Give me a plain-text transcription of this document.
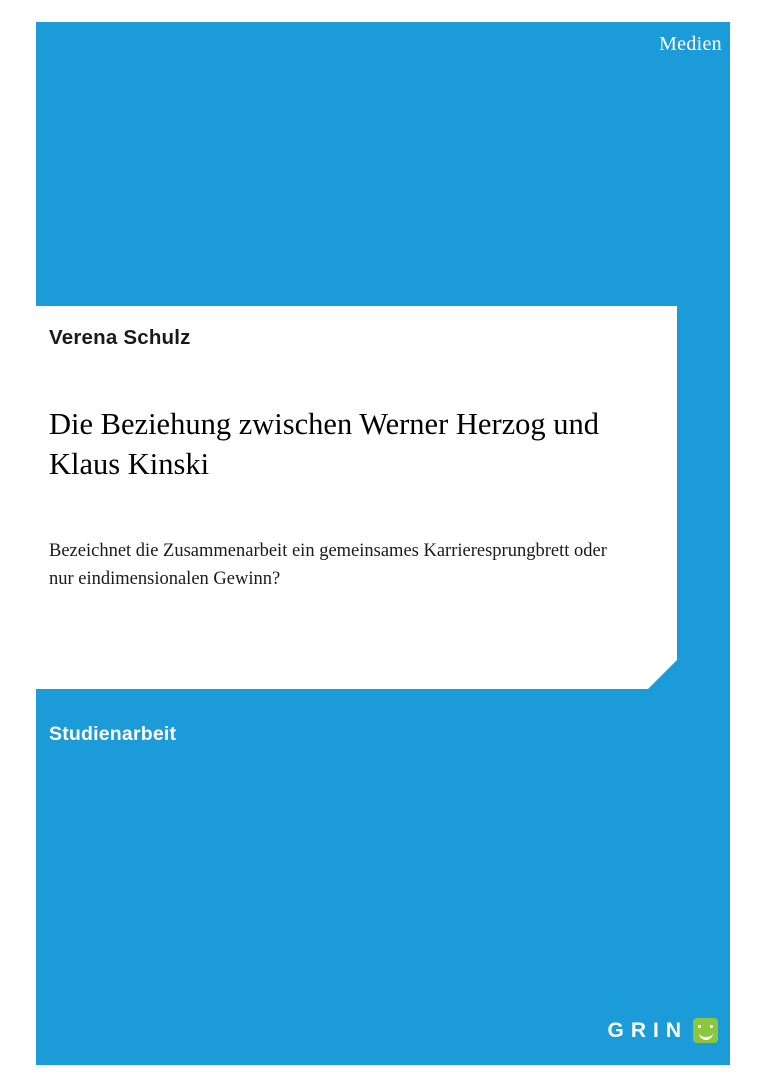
Medien
Verena Schulz
Die Beziehung zwischen Werner Herzog und Klaus Kinski
Bezeichnet die Zusammenarbeit ein gemeinsames Karrieresprungbrett oder nur eindimensionalen Gewinn?
Studienarbeit
GRIN
